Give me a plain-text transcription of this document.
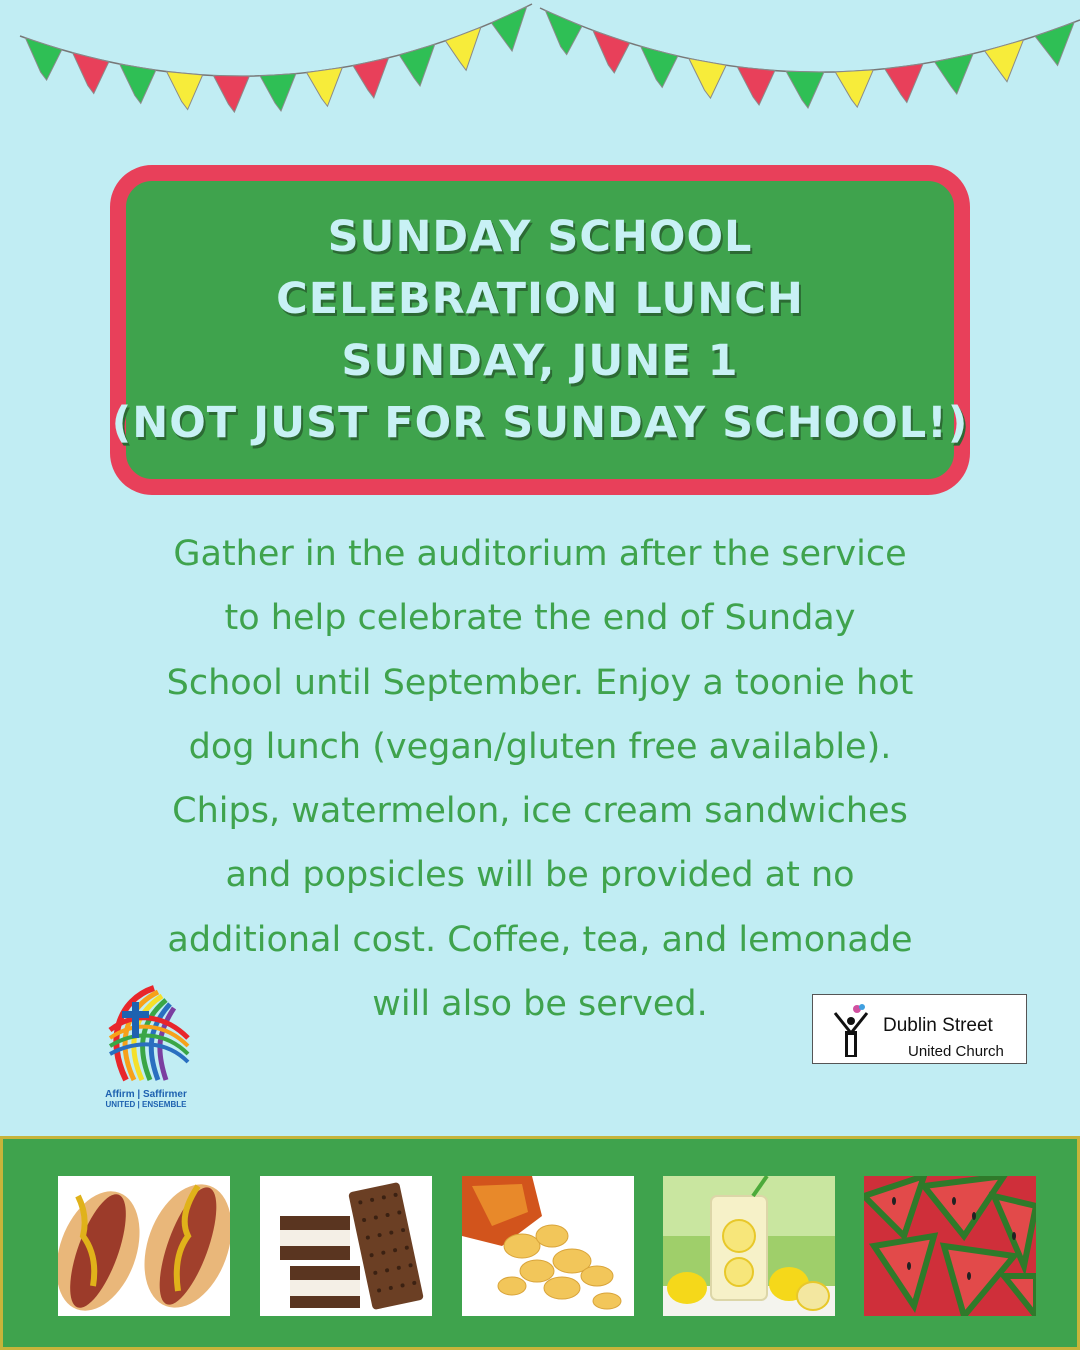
SUNDAY SCHOOL
CELEBRATION LUNCH
SUNDAY, JUNE 1
(NOT JUST FOR SUNDAY SCHOOL!)
Gather in the auditorium after the service
to help celebrate the end of Sunday
School until September. Enjoy a toonie hot
dog lunch (vegan/gluten free available).
Chips, watermelon, ice cream sandwiches
and popsicles will be provided at no
additional cost. Coffee, tea, and lemonade
will also be served.
Affirm | Saffirmer
UNITED | ENSEMBLE
Dublin Street
United Church
